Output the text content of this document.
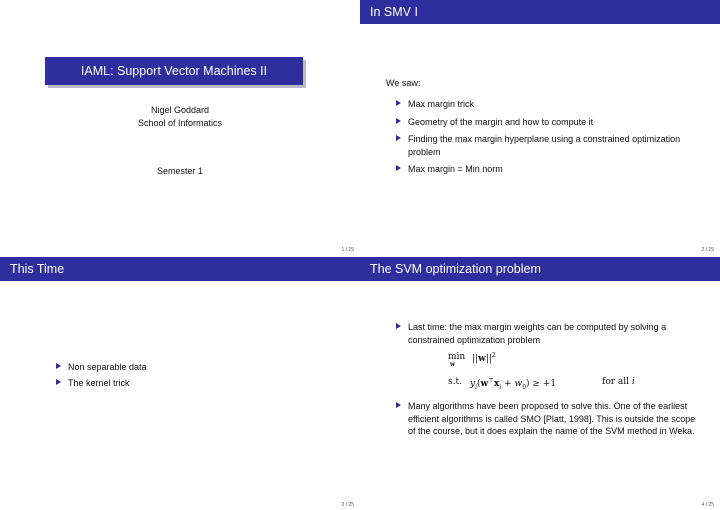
IAML: Support Vector Machines II
Nigel Goddard
School of Informatics
Semester 1
1 / 25
In SMV I
We saw:
Max margin trick
Geometry of the margin and how to compute it
Finding the max margin hyperplane using a constrained optimization problem
Max margin = Min norm
2 / 25
This Time
Non separable data
The kernel trick
3 / 25
The SVM optimization problem
Last time: the max margin weights can be computed by solving a constrained optimization problem
min
w
$||w||^2$
s.t. $y_i(w^⊤x_i + w_0) \ge +1$	for all i
Many algorithms have been proposed to solve this. One of the earliest efficient algorithms is called SMO [Platt, 1998]. This is outside the scope of the course, but it does explain the name of the SVM method in Weka.
4 / 25
